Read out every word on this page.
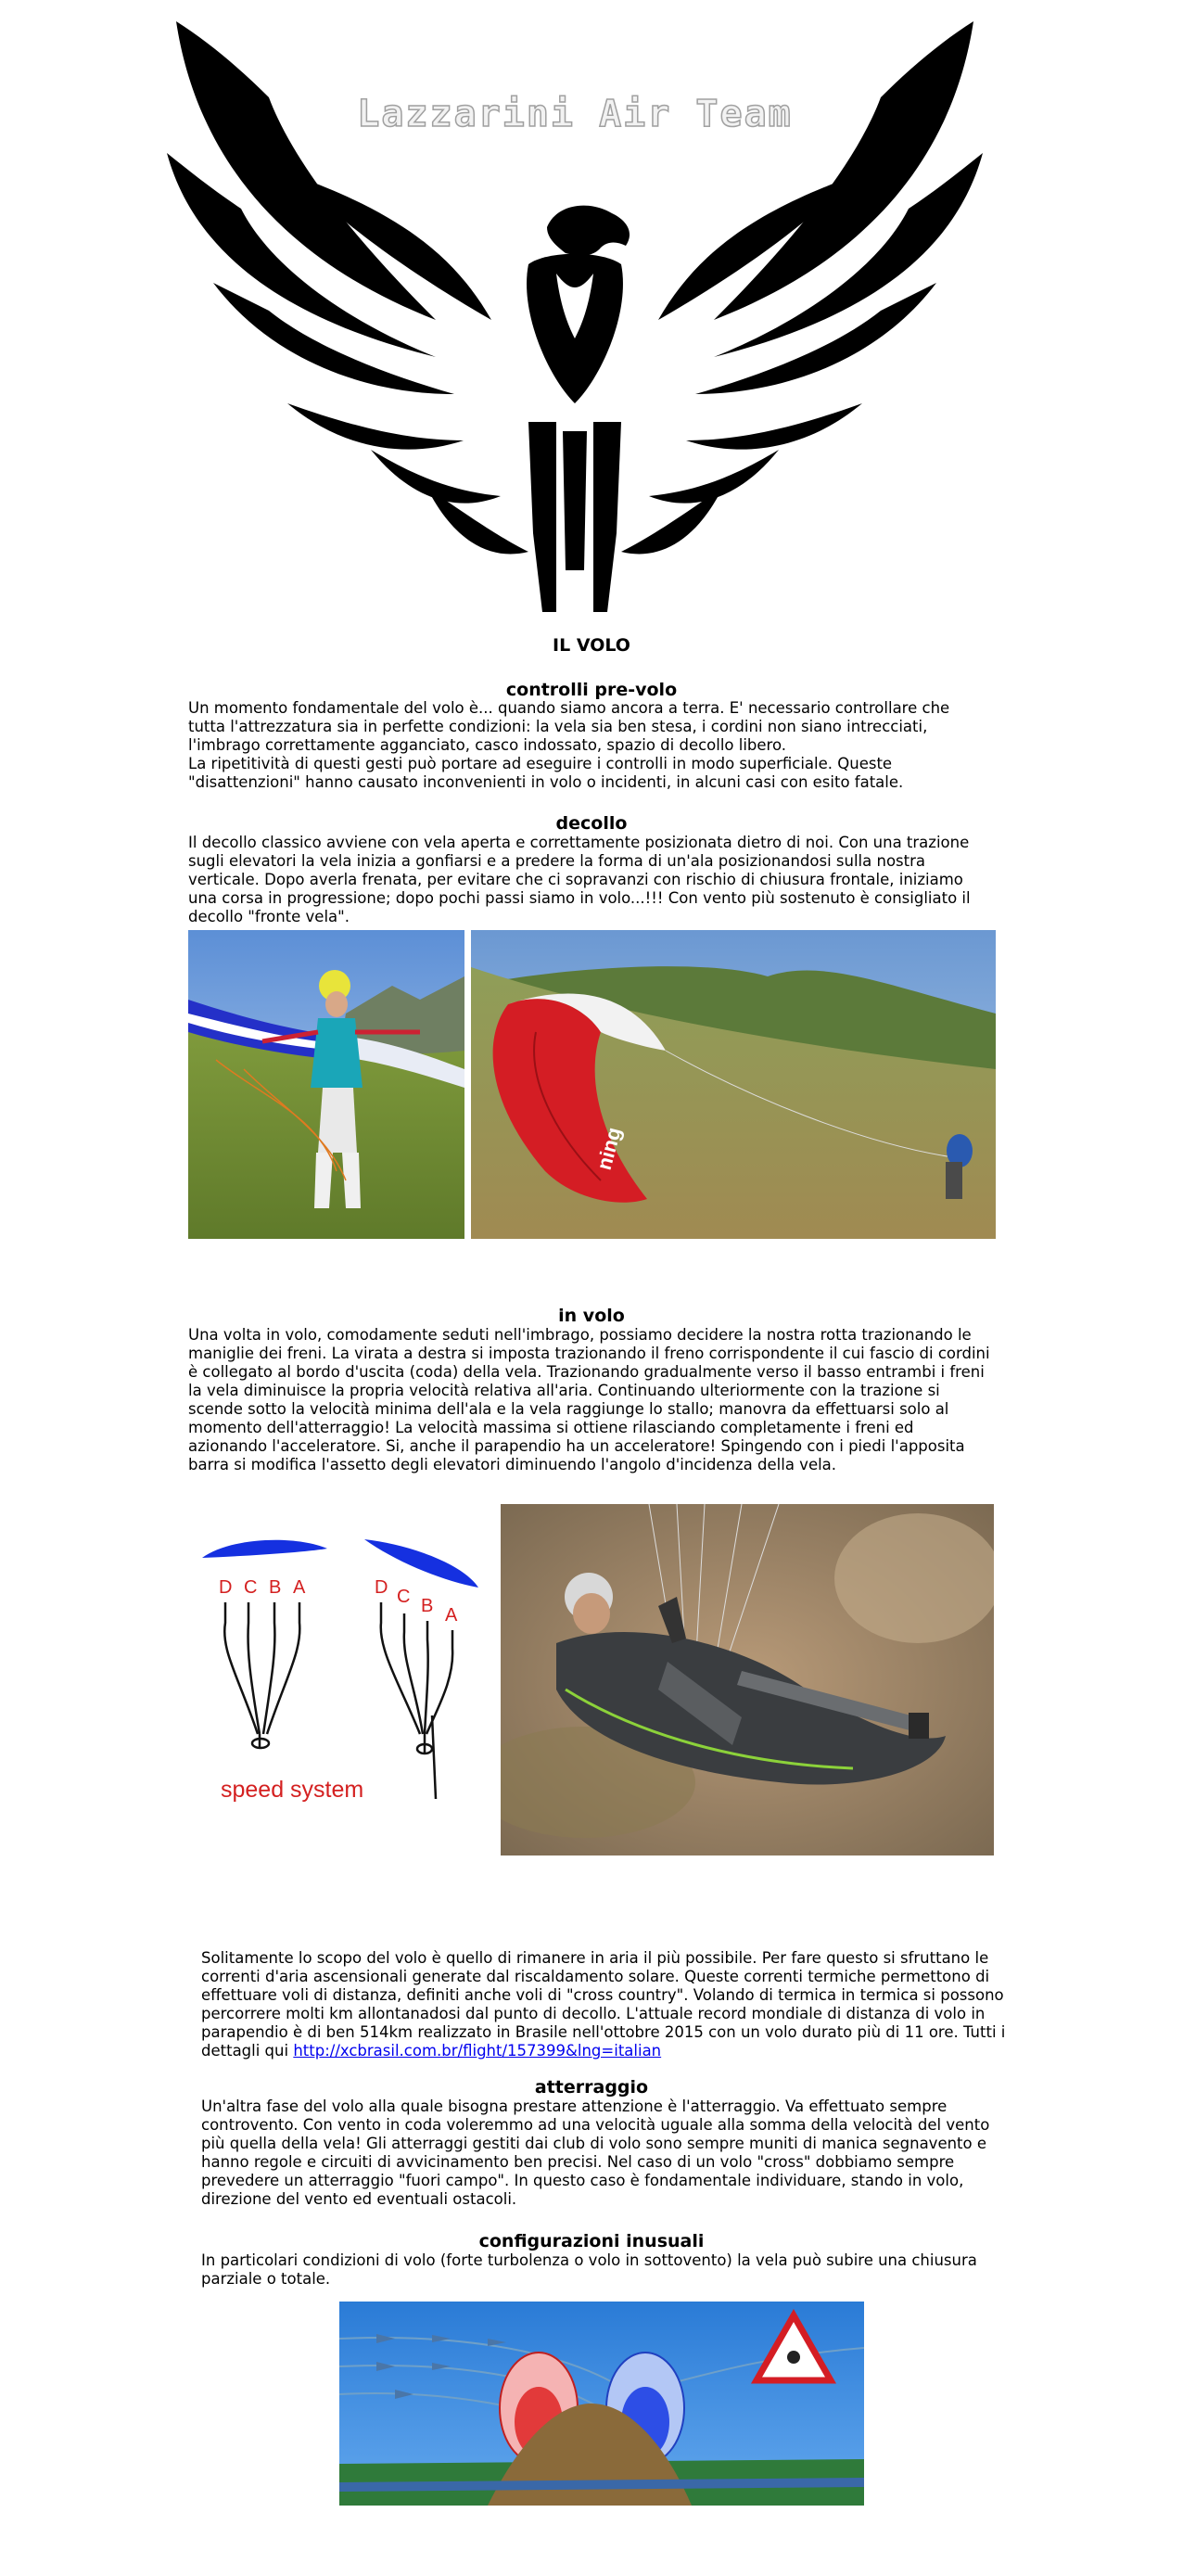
Lazzarini Air Team
IL VOLO
controlli pre-volo

Un momento fondamentale del volo è... quando siamo ancora a terra. E' necessario controllare che tutta l'attrezzatura sia in perfette condizioni: la vela sia ben stesa, i cordini non siano intrecciati, l'imbrago correttamente agganciato, casco indossato, spazio di decollo libero.

La ripetitività di questi gesti può portare ad eseguire i controlli in modo superficiale. Queste "disattenzioni" hanno causato inconvenienti in volo o incidenti, in alcuni casi con esito fatale.

decollo

Il decollo classico avviene con vela aperta e correttamente posizionata dietro di noi. Con una trazione sugli elevatori la vela inizia a gonfiarsi e a predere la forma di un'ala posizionandosi sulla nostra verticale. Dopo averla frenata, per evitare che ci sopravanzi con rischio di chiusura frontale, iniziamo una corsa in progressione; dopo pochi passi siamo in volo...!!! Con vento più sostenuto è consigliato il decollo "fronte vela".

ning
in volo

Una volta in volo, comodamente seduti nell'imbrago, possiamo decidere la nostra rotta trazionando le maniglie dei freni. La virata a destra si imposta trazionando il freno corrispondente il cui fascio di cordini è collegato al bordo d'uscita (coda) della vela. Trazionando gradualmente verso il basso entrambi i freni la vela diminuisce la propria velocità relativa all'aria. Continuando ulteriormente con la trazione si scende sotto la velocità minima dell'ala e la vela raggiunge lo stallo; manovra da effettuarsi solo al momento dell'atterraggio! La velocità massima si ottiene rilasciando completamente i freni ed azionando l'acceleratore. Si, anche il parapendio ha un acceleratore! Spingendo con i piedi l'apposita barra si modifica l'assetto degli elevatori diminuendo l'angolo d'incidenza della vela.

D C B A	D C B A
speed system

Solitamente lo scopo del volo è quello di rimanere in aria il più possibile. Per fare questo si sfruttano le correnti d'aria ascensionali generate dal riscaldamento solare. Queste correnti termiche permettono di effettuare voli di distanza, definiti anche voli di "cross country". Volando di termica in termica si possono percorrere molti km allontanadosi dal punto di decollo. L'attuale record mondiale di distanza di volo in parapendio è di ben 514km realizzato in Brasile nell'ottobre 2015 con un volo durato più di 11 ore. Tutti i dettagli qui http://xcbrasil.com.br/flight/157399&lng=italian

atterraggio

Un'altra fase del volo alla quale bisogna prestare attenzione è l'atterraggio. Va effettuato sempre controvento. Con vento in coda voleremmo ad una velocità uguale alla somma della velocità del vento più quella della vela! Gli atterraggi gestiti dai club di volo sono sempre muniti di manica segnavento e hanno regole e circuiti di avvicinamento ben precisi. Nel caso di un volo "cross" dobbiamo sempre prevedere un atterraggio "fuori campo". In questo caso è fondamentale individuare, stando in volo, direzione del vento ed eventuali ostacoli.

configurazioni inusuali

In particolari condizioni di volo (forte turbolenza o volo in sottovento) la vela può subire una chiusura parziale o totale.
